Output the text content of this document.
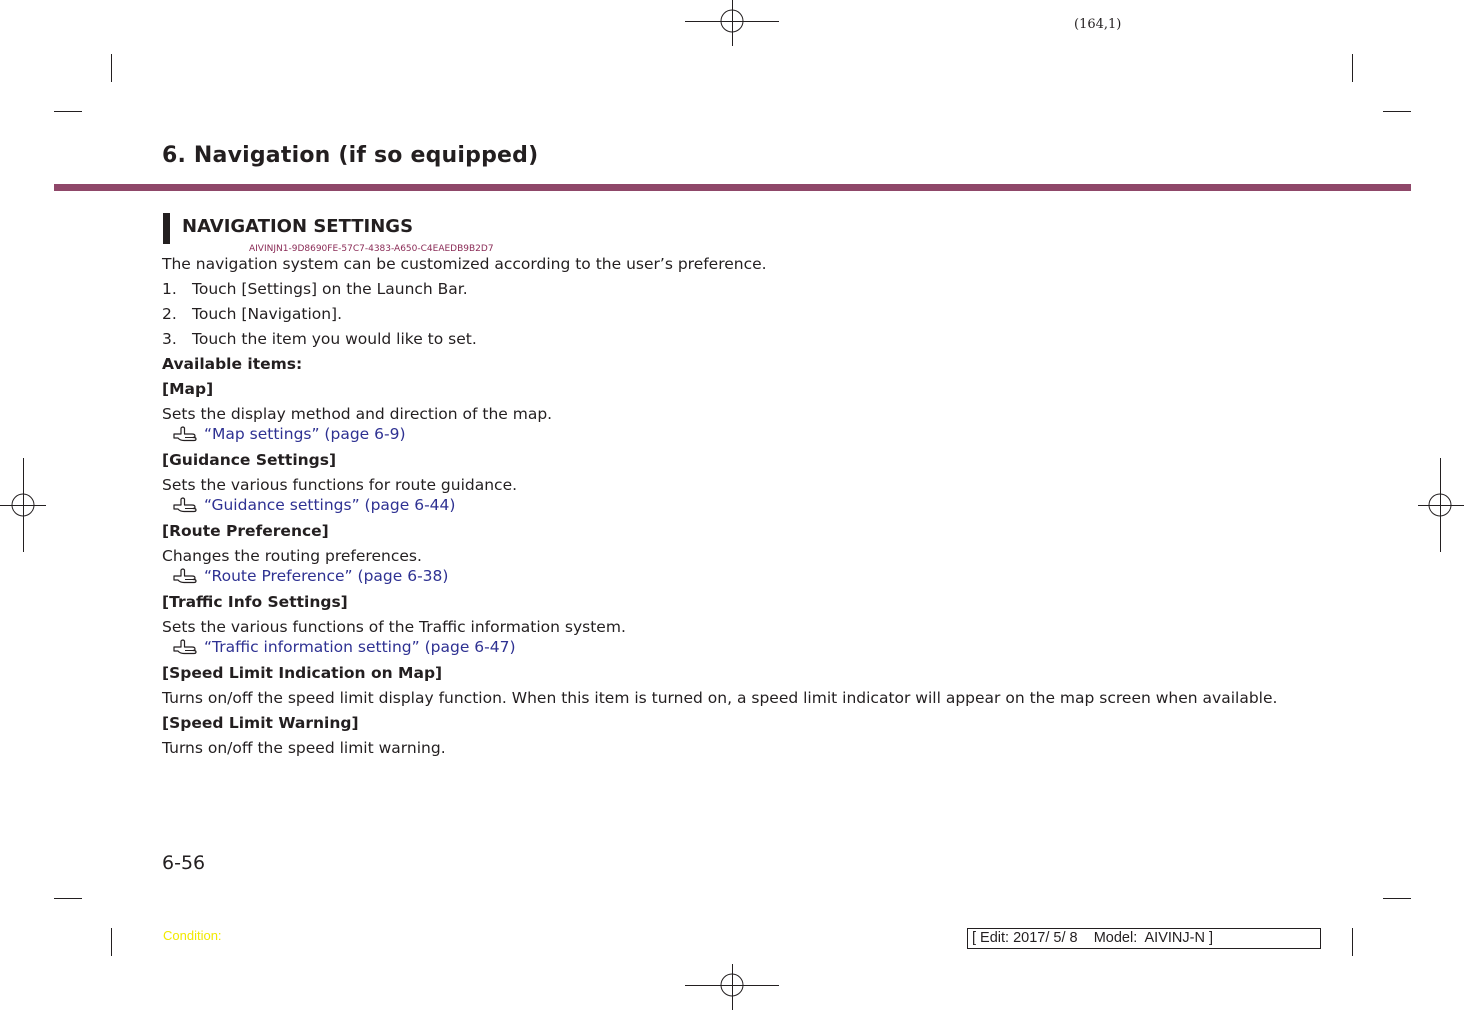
(164,1)
6. Navigation (if so equipped)
NAVIGATION SETTINGS
AIVINJN1-9D8690FE-57C7-4383-A650-C4EAEDB9B2D7

The navigation system can be customized according to the user’s preference.

1. Touch [Settings] on the Launch Bar.
2. Touch [Navigation].
3. Touch the item you would like to set.

Available items:

[Map]

Sets the display method and direction of the map.

“Map settings” (page 6-9)

[Guidance Settings]

Sets the various functions for route guidance.

“Guidance settings” (page 6-44)

[Route Preference]

Changes the routing preferences.

“Route Preference” (page 6-38)

[Traffic Info Settings]

Sets the various functions of the Traffic information system.

“Traffic information setting” (page 6-47)

[Speed Limit Indication on Map]

Turns on/off the speed limit display function. When this item is turned on, a speed limit indicator will appear on the map screen when available.

[Speed Limit Warning]

Turns on/off the speed limit warning.

6-56
Condition:	[ Edit: 2017/ 5/ 8    Model:  AIVINJ-N ]
